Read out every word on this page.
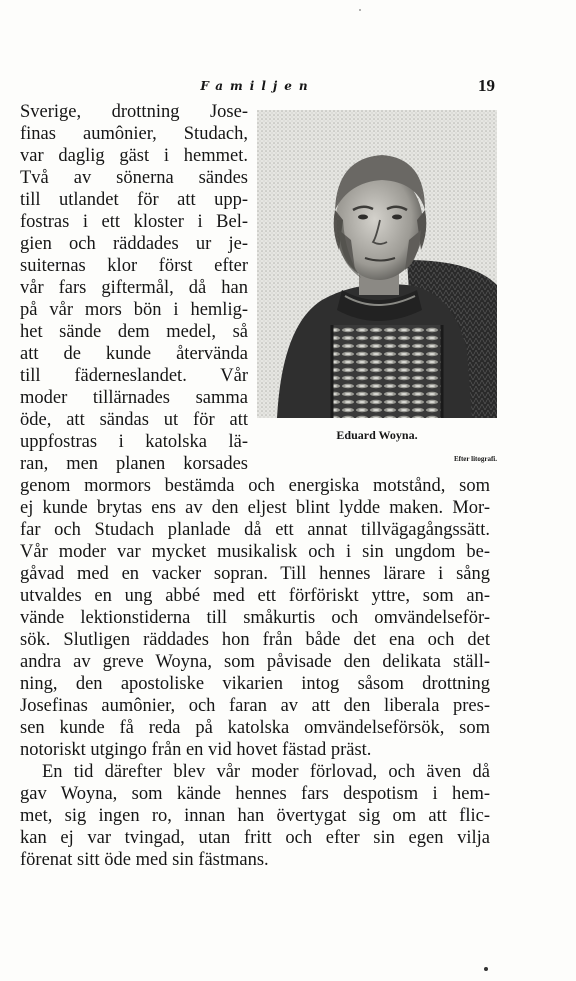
Familjen	19
Eduard Woyna.
Efter litografi.
Sverige, drottning Jose-
finas aumônier, Studach,
var daglig gäst i hemmet.
Två av sönerna sändes
till utlandet för att upp-
fostras i ett kloster i Bel-
gien och räddades ur je-
suiternas klor först efter
vår fars giftermål, då han
på vår mors bön i hemlig-
het sände dem medel, så
att de kunde återvända
till fäderneslandet. Vår
moder tillärnades samma
öde, att sändas ut för att
uppfostras i katolska lä-
ran, men planen korsades
genom mormors bestämda och energiska motstånd, som
ej kunde brytas ens av den eljest blint lydde maken. Mor-
far och Studach planlade då ett annat tillvägagångssätt.
Vår moder var mycket musikalisk och i sin ungdom be-
gåvad med en vacker sopran. Till hennes lärare i sång
utvaldes en ung abbé med ett förföriskt yttre, som an-
vände lektionstiderna till småkurtis och omvändelseför-
sök. Slutligen räddades hon från både det ena och det
andra av greve Woyna, som påvisade den delikata ställ-
ning, den apostoliske vikarien intog såsom drottning
Josefinas aumônier, och faran av att den liberala pres-
sen kunde få reda på katolska omvändelseförsök, som
notoriskt utgingo från en vid hovet fästad präst.
En tid därefter blev vår moder förlovad, och även då
gav Woyna, som kände hennes fars despotism i hem-
met, sig ingen ro, innan han övertygat sig om att flic-
kan ej var tvingad, utan fritt och efter sin egen vilja
förenat sitt öde med sin fästmans.
